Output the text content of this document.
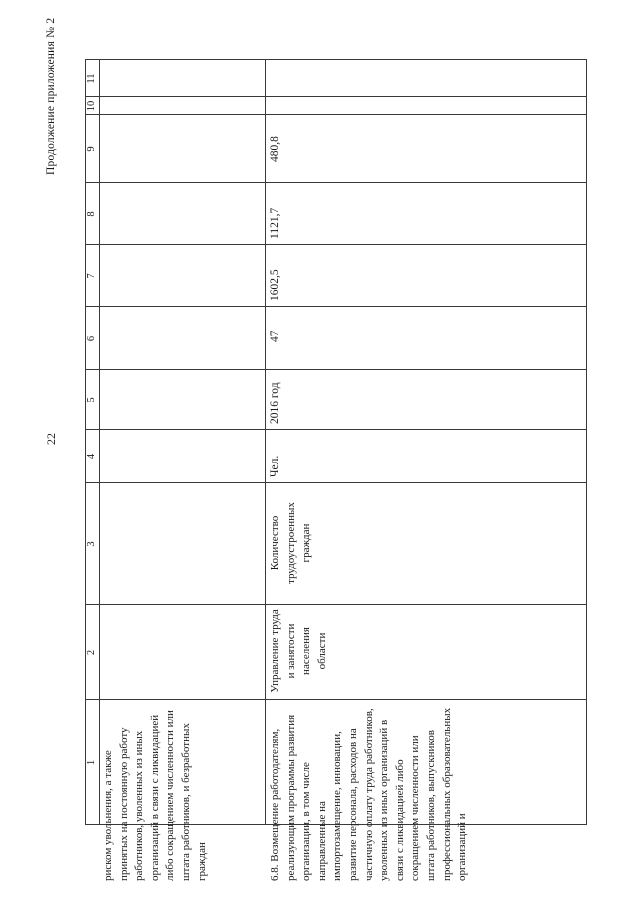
22
Продолжение приложения № 2
1
2
3
4
5
6
7
8
9
10
11
риском увольнения, а также принятых на постоянную работу работников, уволенных из иных организаций в связи с ликвидацией либо сокращением численности или штата работников, и безработных граждан	6.8. Возмещение работодателям, реализующим программы развития организации, в том числе направленные на импортозамещение, инновации, развитие персонала, расходов на частичную оплату труда работников, уволенных из иных организаций в связи с ликвидацией либо сокращением численности или штата работников, выпускников профессиональных образовательных организаций и
Управление труда и занятости населения области
Количество трудоустроенных граждан
Чел.
2016 год
47
1602,5
1121,7
480,8
